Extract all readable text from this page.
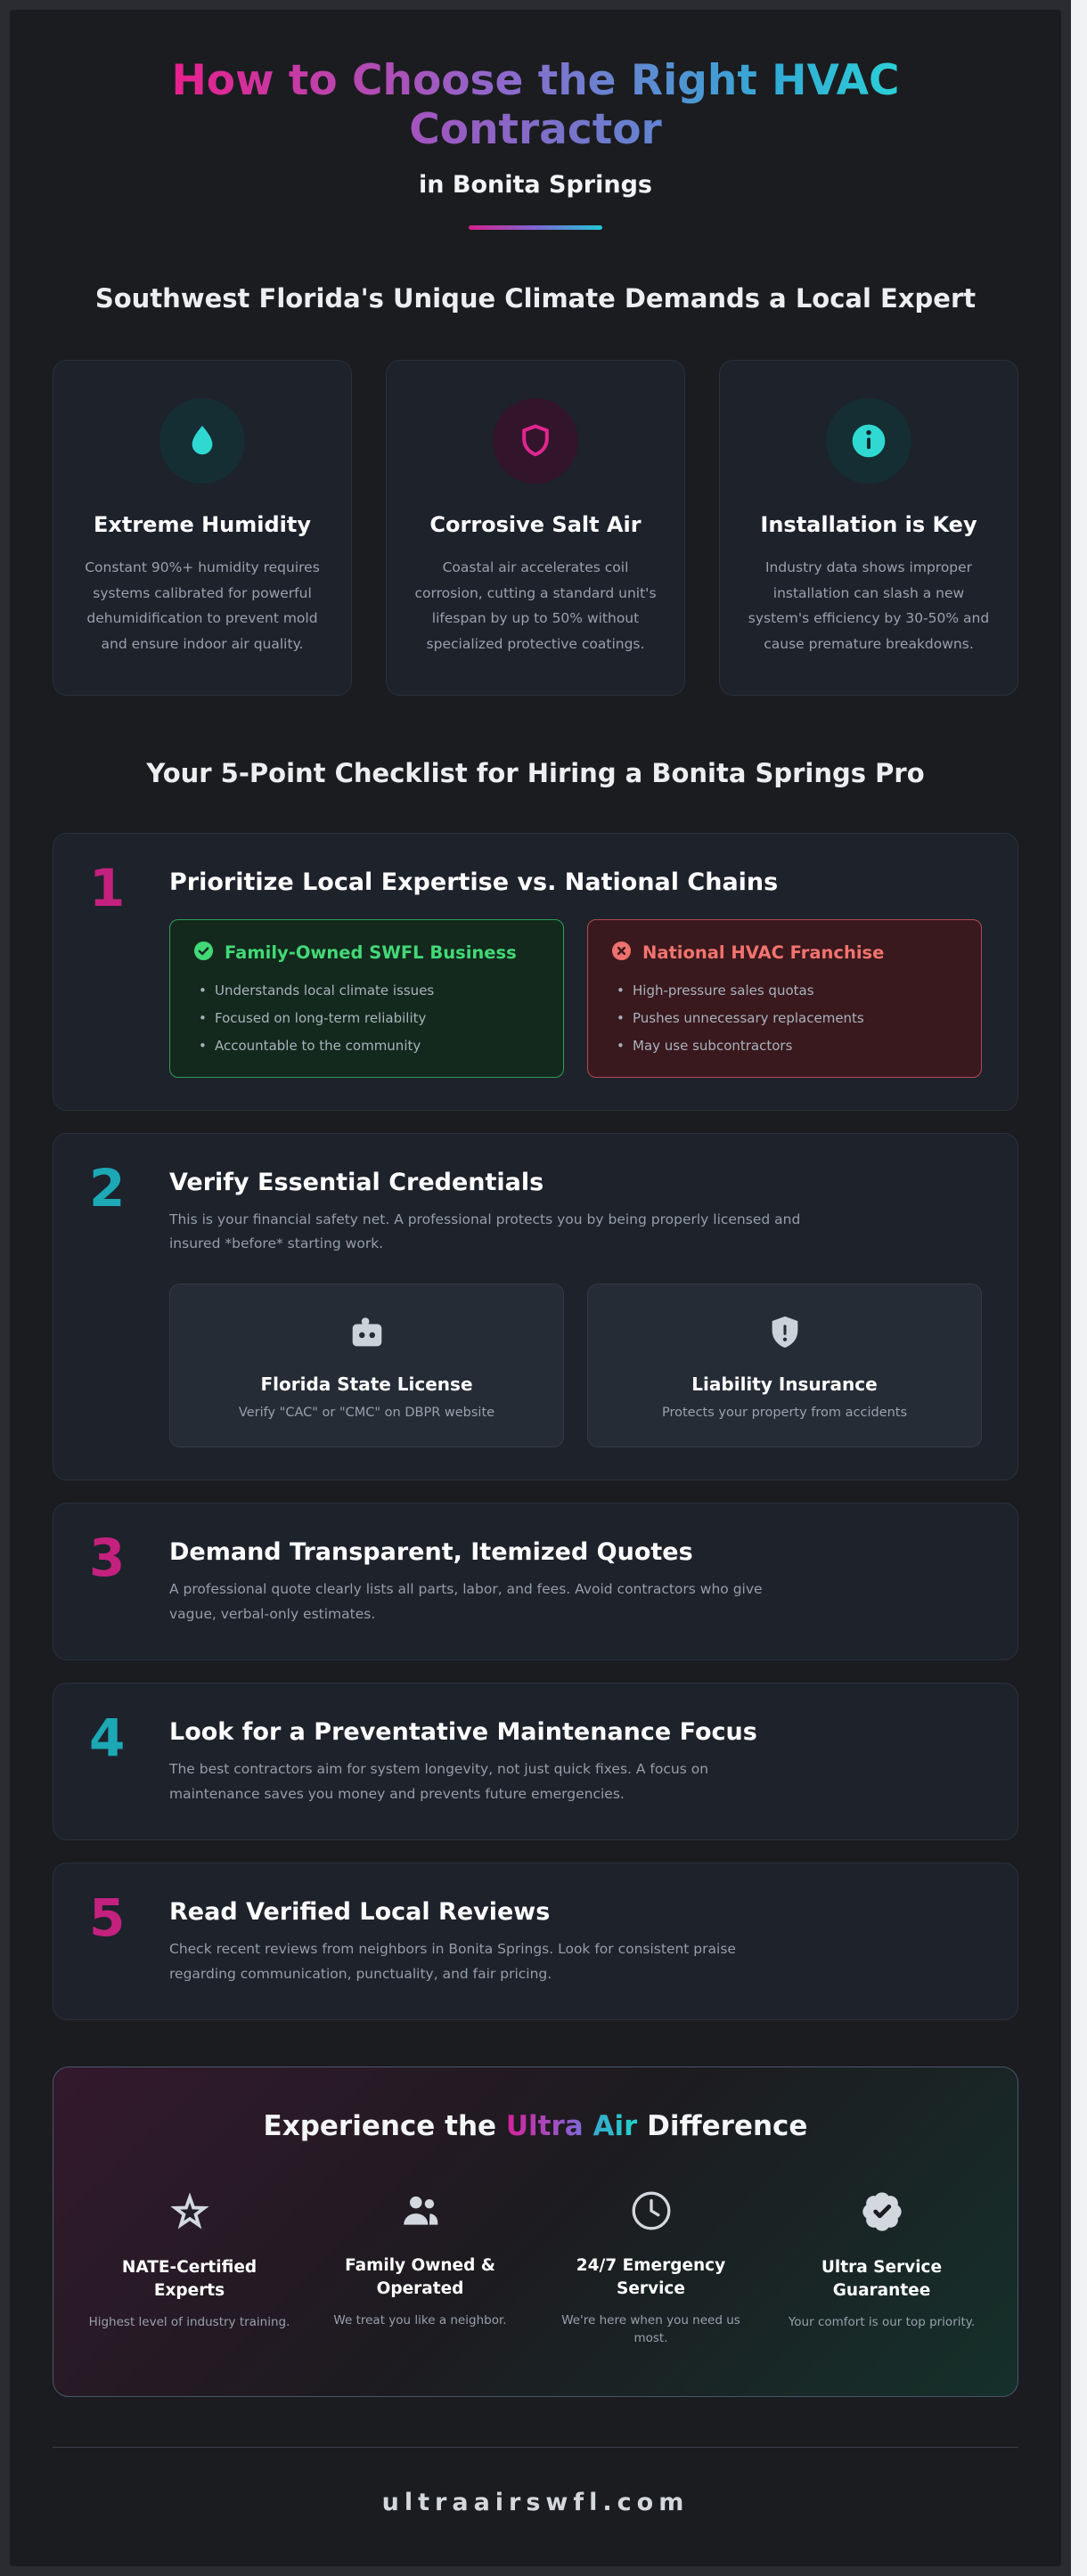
How to Choose the Right HVAC
Contractor
in Bonita Springs
Southwest Florida's Unique Climate Demands a Local Expert
Extreme Humidity

Constant 90%+ humidity requires systems calibrated for powerful dehumidification to prevent mold and ensure indoor air quality.

Corrosive Salt Air

Coastal air accelerates coil corrosion, cutting a standard unit's lifespan by up to 50% without specialized protective coatings.

Installation is Key

Industry data shows improper installation can slash a new system's efficiency by 30-50% and cause premature breakdowns.

Your 5-Point Checklist for Hiring a Bonita Springs Pro
1	Prioritize Local Expertise vs. National Chains
Family-Owned SWFL Business
• Understands local climate issues
• Focused on long-term reliability
• Accountable to the community
National HVAC Franchise
• High-pressure sales quotas
• Pushes unnecessary replacements
• May use subcontractors
2	Verify Essential Credentials

This is your financial safety net. A professional protects you by being properly licensed and insured *before* starting work.

Florida State License
Verify "CAC" or "CMC" on DBPR website
Liability Insurance
Protects your property from accidents
3	Demand Transparent, Itemized Quotes

A professional quote clearly lists all parts, labor, and fees. Avoid contractors who give vague, verbal-only estimates.

4	Look for a Preventative Maintenance Focus

The best contractors aim for system longevity, not just quick fixes. A focus on maintenance saves you money and prevents future emergencies.

5	Read Verified Local Reviews

Check recent reviews from neighbors in Bonita Springs. Look for consistent praise regarding communication, punctuality, and fair pricing.

Experience the Ultra Air Difference
NATE-Certified Experts

Highest level of industry training.

Family Owned & Operated

We treat you like a neighbor.

24/7 Emergency Service

We're here when you need us most.

Ultra Service Guarantee

Your comfort is our top priority.

ultraairswfl.com
